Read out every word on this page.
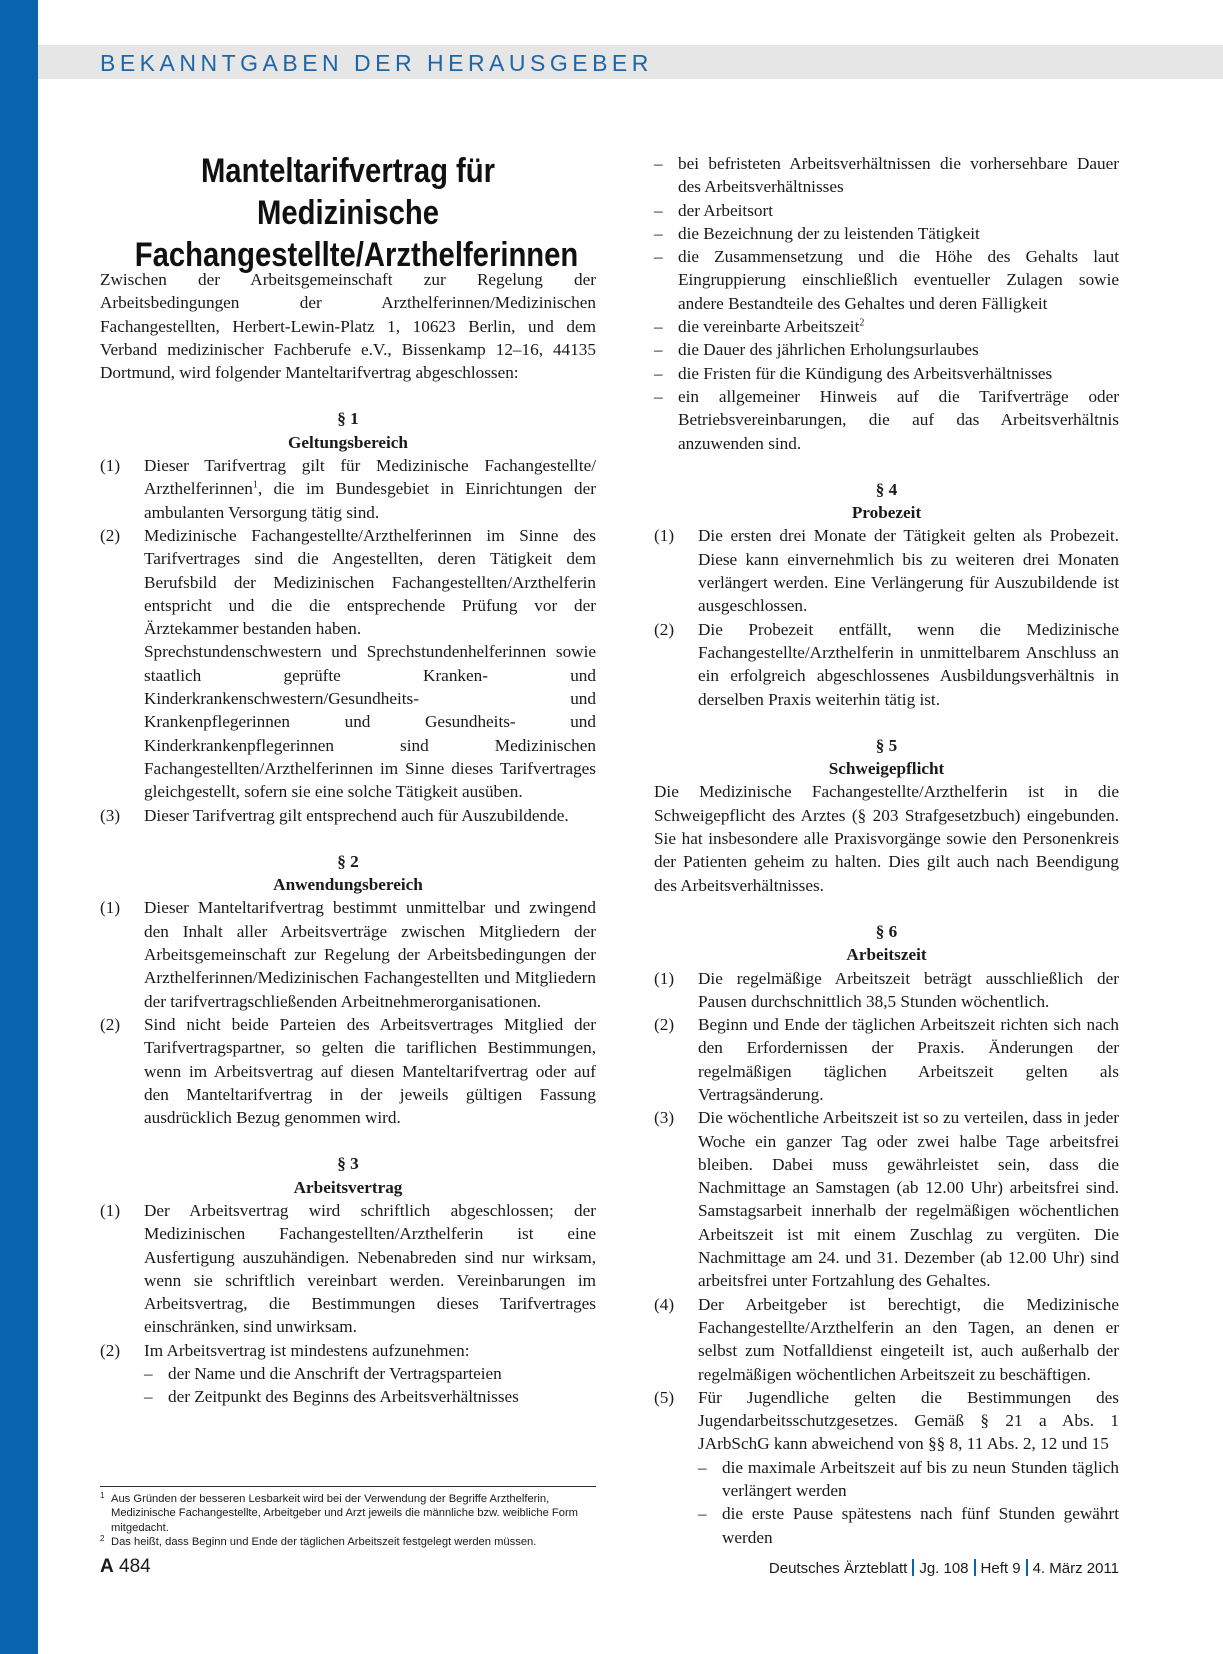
BEKANNTGABEN DER HERAUSGEBER
Manteltarifvertrag für Medizinische
Fachangestellte/Arzthelferinnen

Zwischen der Arbeitsgemeinschaft zur Regelung der Arbeitsbedingungen der Arzthelferinnen/Medizinischen Fachangestellten, Herbert-Lewin-Platz 1, 10623 Berlin, und dem Verband medizinischer Fachberufe e.V., Bissenkamp 12–16, 44135 Dortmund, wird folgender Manteltarifvertrag abgeschlossen:

§ 1
Geltungsbereich
(1) Dieser Tarifvertrag gilt für Medizinische Fachangestellte/ Arzthelferinnen$^1$, die im Bundesgebiet in Einrichtungen der ambulanten Versorgung tätig sind.
(2) Medizinische Fachangestellte/Arzthelferinnen im Sinne des Tarifvertrages sind die Angestellten, deren Tätigkeit dem Berufsbild der Medizinischen Fachangestellten/Arzthelferin entspricht und die die entsprechende Prüfung vor der Ärztekammer bestanden haben.
Sprechstundenschwestern und Sprechstundenhelferinnen sowie staatlich geprüfte Kranken- und Kinderkrankenschwestern/Gesundheits- und Krankenpflegerinnen und Gesundheits- und Kinderkrankenpflegerinnen sind Medizinischen Fachangestellten/Arzthelferinnen im Sinne dieses Tarifvertrages gleichgestellt, sofern sie eine solche Tätigkeit ausüben.
(3) Dieser Tarifvertrag gilt entsprechend auch für Auszubildende.
§ 2
Anwendungsbereich
(1) Dieser Manteltarifvertrag bestimmt unmittelbar und zwingend den Inhalt aller Arbeitsverträge zwischen Mitgliedern der Arbeitsgemeinschaft zur Regelung der Arbeitsbedingungen der Arzthelferinnen/Medizinischen Fachangestellten und Mitgliedern der tarifvertragschließenden Arbeitnehmerorganisationen.
(2) Sind nicht beide Parteien des Arbeitsvertrages Mitglied der Tarifvertragspartner, so gelten die tariflichen Bestimmungen, wenn im Arbeitsvertrag auf diesen Manteltarifvertrag oder auf den Manteltarifvertrag in der jeweils gültigen Fassung ausdrücklich Bezug genommen wird.
§ 3
Arbeitsvertrag
(1) Der Arbeitsvertrag wird schriftlich abgeschlossen; der Medizinischen Fachangestellten/Arzthelferin ist eine Ausfertigung auszuhändigen. Nebenabreden sind nur wirksam, wenn sie schriftlich vereinbart werden. Vereinbarungen im Arbeitsvertrag, die Bestimmungen dieses Tarifvertrages einschränken, sind unwirksam.
(2) Im Arbeitsvertrag ist mindestens aufzunehmen:
– der Name und die Anschrift der Vertragsparteien
– der Zeitpunkt des Beginns des Arbeitsverhältnisses
1 Aus Gründen der besseren Lesbarkeit wird bei der Verwendung der Begriffe Arzthelferin, Medizinische Fachangestellte, Arbeitgeber und Arzt jeweils die männliche bzw. weibliche Form mitgedacht.
2 Das heißt, dass Beginn und Ende der täglichen Arbeitszeit festgelegt werden müssen.
– bei befristeten Arbeitsverhältnissen die vorhersehbare Dauer des Arbeitsverhältnisses
– der Arbeitsort
– die Bezeichnung der zu leistenden Tätigkeit
– die Zusammensetzung und die Höhe des Gehalts laut Eingruppierung einschließlich eventueller Zulagen sowie andere Bestandteile des Gehaltes und deren Fälligkeit
– die vereinbarte Arbeitszeit$^2$
– die Dauer des jährlichen Erholungsurlaubes
– die Fristen für die Kündigung des Arbeitsverhältnisses
– ein allgemeiner Hinweis auf die Tarifverträge oder Betriebsvereinbarungen, die auf das Arbeitsverhältnis anzuwenden sind.
§ 4
Probezeit
(1) Die ersten drei Monate der Tätigkeit gelten als Probezeit. Diese kann einvernehmlich bis zu weiteren drei Monaten verlängert werden. Eine Verlängerung für Auszubildende ist ausgeschlossen.
(2) Die Probezeit entfällt, wenn die Medizinische Fachangestellte/Arzthelferin in unmittelbarem Anschluss an ein erfolgreich abgeschlossenes Ausbildungsverhältnis in derselben Praxis weiterhin tätig ist.
§ 5
Schweigepflicht

Die Medizinische Fachangestellte/Arzthelferin ist in die Schweigepflicht des Arztes (§ 203 Strafgesetzbuch) eingebunden. Sie hat insbesondere alle Praxisvorgänge sowie den Personenkreis der Patienten geheim zu halten. Dies gilt auch nach Beendigung des Arbeitsverhältnisses.

§ 6
Arbeitszeit
(1) Die regelmäßige Arbeitszeit beträgt ausschließlich der Pausen durchschnittlich 38,5 Stunden wöchentlich.
(2) Beginn und Ende der täglichen Arbeitszeit richten sich nach den Erfordernissen der Praxis. Änderungen der regelmäßigen täglichen Arbeitszeit gelten als Vertragsänderung.
(3) Die wöchentliche Arbeitszeit ist so zu verteilen, dass in jeder Woche ein ganzer Tag oder zwei halbe Tage arbeitsfrei bleiben. Dabei muss gewährleistet sein, dass die Nachmittage an Samstagen (ab 12.00 Uhr) arbeitsfrei sind. Samstagsarbeit innerhalb der regelmäßigen wöchentlichen Arbeitszeit ist mit einem Zuschlag zu vergüten. Die Nachmittage am 24. und 31. Dezember (ab 12.00 Uhr) sind arbeitsfrei unter Fortzahlung des Gehaltes.
(4) Der Arbeitgeber ist berechtigt, die Medizinische Fachangestellte/Arzthelferin an den Tagen, an denen er selbst zum Notfalldienst eingeteilt ist, auch außerhalb der regelmäßigen wöchentlichen Arbeitszeit zu beschäftigen.
(5) Für Jugendliche gelten die Bestimmungen des Jugendarbeitsschutzgesetzes. Gemäß § 21 a Abs. 1 JArbSchG kann abweichend von §§ 8, 11 Abs. 2, 12 und 15
– die maximale Arbeitszeit auf bis zu neun Stunden täglich verlängert werden
– die erste Pause spätestens nach fünf Stunden gewährt werden
A 484	Deutsches Ärzteblatt Jg. 108 Heft 9 4. März 2011
